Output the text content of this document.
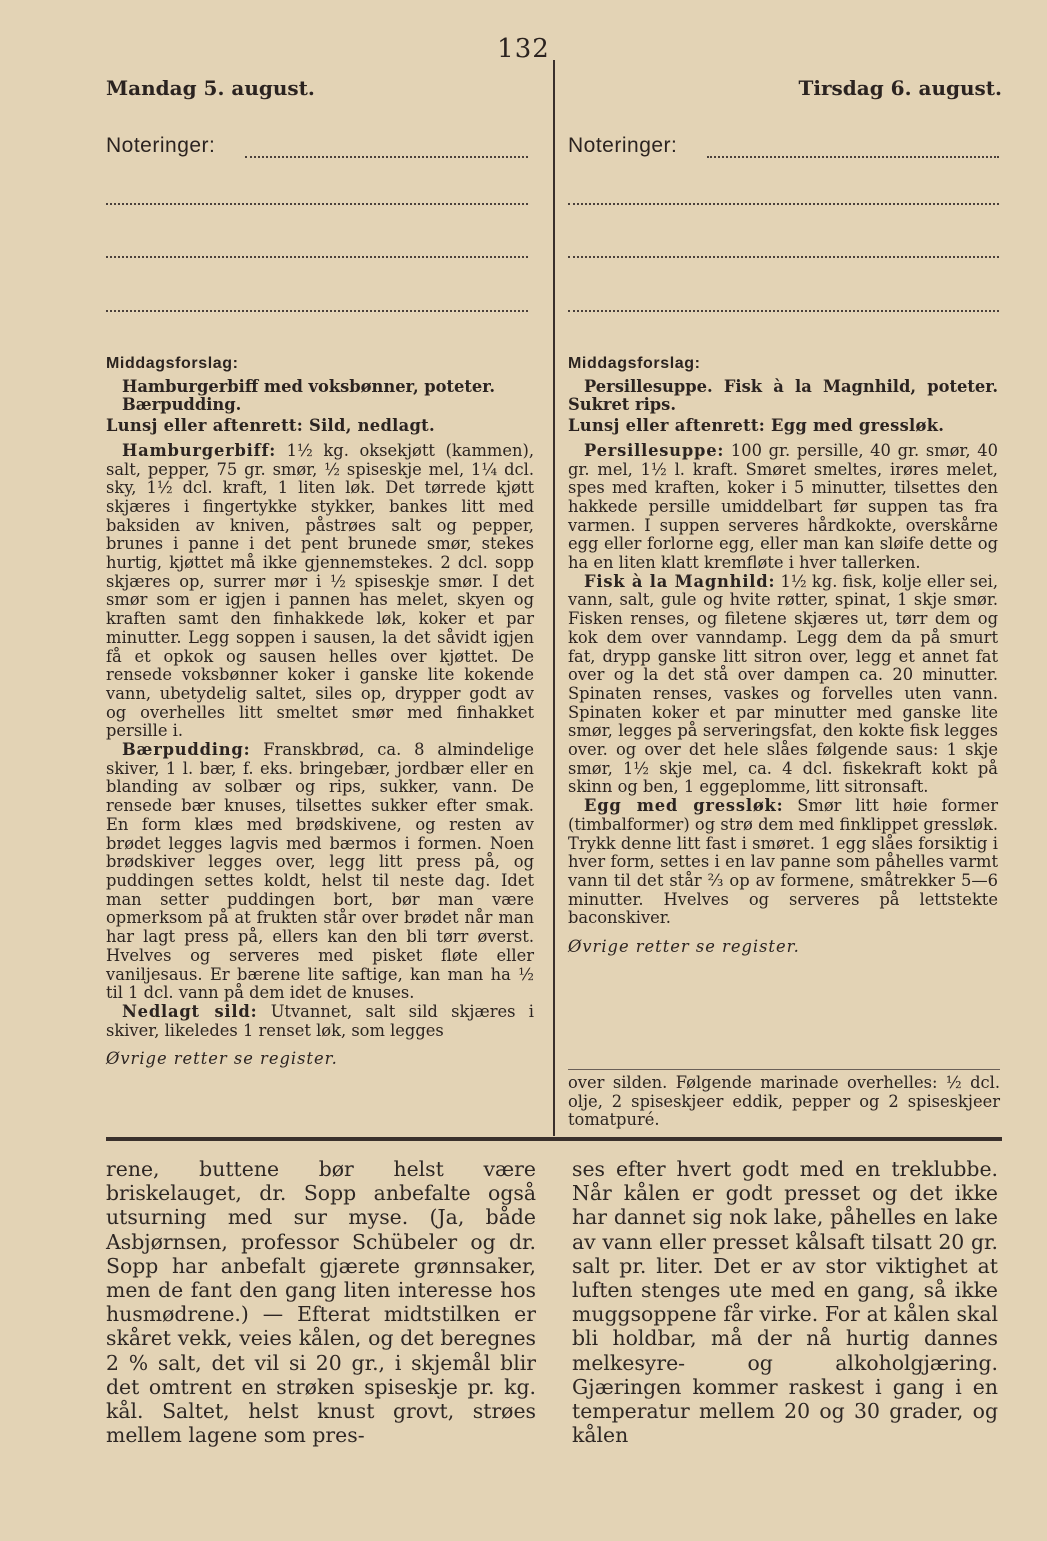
132
Mandag 5. august.
Noteringer:

Middagsforslag:

Hamburgerbiff med voksbønner, poteter.

Bærpudding.

Lunsj eller aftenrett: Sild, nedlagt.

Hamburgerbiff: 1½ kg. oksekjøtt (kammen), salt, pepper, 75 gr. smør, ½ spiseskje mel, 1¼ dcl. sky, 1½ dcl. kraft, 1 liten løk. Det tørrede kjøtt skjæres i fingertykke stykker, bankes litt med baksiden av kniven, påstrøes salt og pepper, brunes i panne i det pent brunede smør, stekes hurtig, kjøttet må ikke gjennemstekes. 2 dcl. sopp skjæres op, surrer mør i ½ spiseskje smør. I det smør som er igjen i pannen has melet, skyen og kraften samt den finhakkede løk, koker et par minutter. Legg soppen i sausen, la det såvidt igjen få et opkok og sausen helles over kjøttet. De rensede voksbønner koker i ganske lite kokende vann, ubetydelig saltet, siles op, drypper godt av og overhelles litt smeltet smør med finhakket persille i.

Bærpudding: Franskbrød, ca. 8 almindelige skiver, 1 l. bær, f. eks. bringebær, jordbær eller en blanding av solbær og rips, sukker, vann. De rensede bær knuses, tilsettes sukker efter smak. En form klæs med brødskivene, og resten av brødet legges lagvis med bærmos i formen. Noen brødskiver legges over, legg litt press på, og puddingen settes koldt, helst til neste dag. Idet man setter puddingen bort, bør man være opmerksom på at frukten står over brødet når man har lagt press på, ellers kan den bli tørr øverst. Hvelves og serveres med pisket fløte eller vaniljesaus. Er bærene lite saftige, kan man ha ½ til 1 dcl. vann på dem idet de knuses.

Nedlagt sild: Utvannet, salt sild skjæres i skiver, likeledes 1 renset løk, som legges

Øvrige retter se register.

Tirsdag 6. august.
Noteringer:

Middagsforslag:

Persillesuppe. Fisk à la Magnhild, poteter. Sukret rips.

Lunsj eller aftenrett: Egg med gressløk.

Persillesuppe: 100 gr. persille, 40 gr. smør, 40 gr. mel, 1½ l. kraft. Smøret smeltes, irøres melet, spes med kraften, koker i 5 minutter, tilsettes den hakkede persille umiddelbart før suppen tas fra varmen. I suppen serveres hårdkokte, overskårne egg eller forlorne egg, eller man kan sløife dette og ha en liten klatt kremfløte i hver tallerken.

Fisk à la Magnhild: 1½ kg. fisk, kolje eller sei, vann, salt, gule og hvite røtter, spinat, 1 skje smør. Fisken renses, og filetene skjæres ut, tørr dem og kok dem over vanndamp. Legg dem da på smurt fat, drypp ganske litt sitron over, legg et annet fat over og la det stå over dampen ca. 20 minutter. Spinaten renses, vaskes og forvelles uten vann. Spinaten koker et par minutter med ganske lite smør, legges på serveringsfat, den kokte fisk legges over. og over det hele slåes følgende saus: 1 skje smør, 1½ skje mel, ca. 4 dcl. fiskekraft kokt på skinn og ben, 1 eggeplomme, litt sitronsaft.

Egg med gressløk: Smør litt høie former (timbalformer) og strø dem med finklippet gressløk. Trykk denne litt fast i smøret. 1 egg slåes forsiktig i hver form, settes i en lav panne som påhelles varmt vann til det står ⅔ op av formene, småtrekker 5—6 minutter. Hvelves og serveres på lettstekte baconskiver.

Øvrige retter se register.

over silden. Følgende marinade overhelles: ½ dcl. olje, 2 spiseskjeer eddik, pepper og 2 spiseskjeer tomatpuré.

rene, buttene bør helst være briskelauget, dr. Sopp anbefalte også utsurning med sur myse. (Ja, både Asbjørnsen, professor Schübeler og dr. Sopp har anbefalt gjærete grønnsaker, men de fant den gang liten interesse hos husmødrene.) — Efterat midtstilken er skåret vekk, veies kålen, og det beregnes 2 % salt, det vil si 20 gr., i skjemål blir det omtrent en strøken spiseskje pr. kg. kål. Saltet, helst knust grovt, strøes mellem lagene som pres-

ses efter hvert godt med en treklubbe. Når kålen er godt presset og det ikke har dannet sig nok lake, påhelles en lake av vann eller presset kålsaft tilsatt 20 gr. salt pr. liter. Det er av stor viktighet at luften stenges ute med en gang, så ikke muggsoppene får virke. For at kålen skal bli holdbar, må der nå hurtig dannes melkesyre- og alkoholgjæring. Gjæringen kommer raskest i gang i en temperatur mellem 20 og 30 grader, og kålen
